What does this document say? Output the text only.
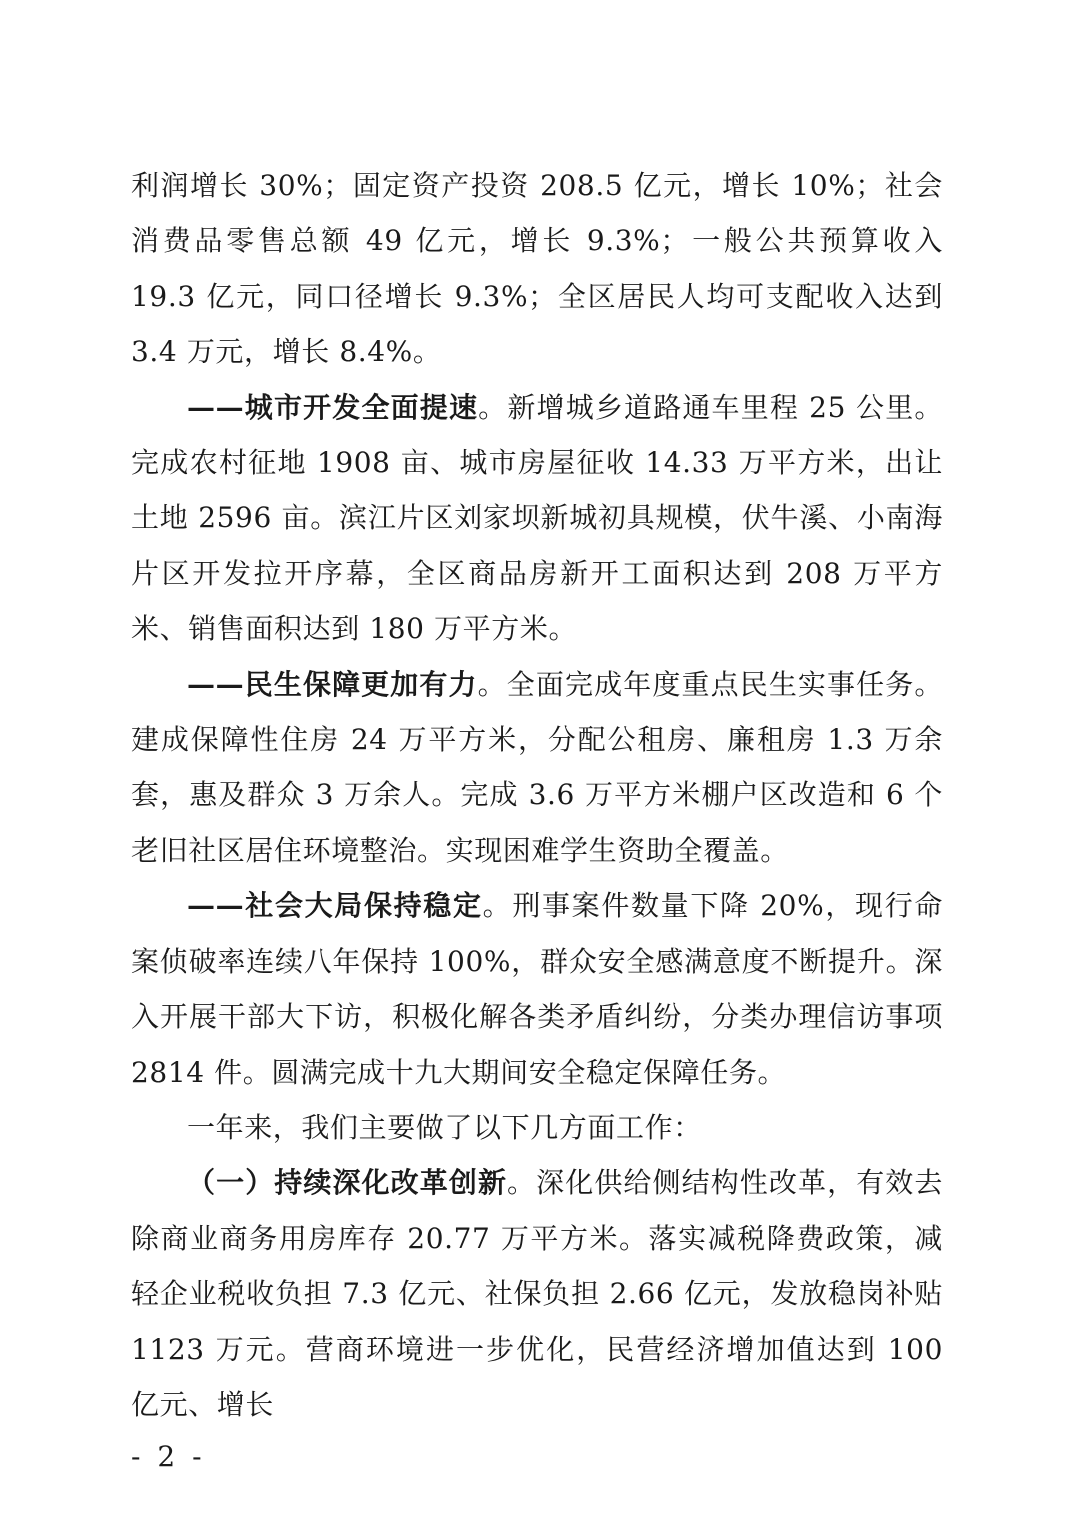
利润增长 30%；固定资产投资 208.5 亿元，增长 10%；社会消费品零售总额 49 亿元，增长 9.3%；一般公共预算收入 19.3 亿元，同口径增长 9.3%；全区居民人均可支配收入达到 3.4 万元，增长 8.4%。

——城市开发全面提速。新增城乡道路通车里程 25 公里。完成农村征地 1908 亩、城市房屋征收 14.33 万平方米，出让土地 2596 亩。滨江片区刘家坝新城初具规模，伏牛溪、小南海片区开发拉开序幕，全区商品房新开工面积达到 208 万平方米、销售面积达到 180 万平方米。

——民生保障更加有力。全面完成年度重点民生实事任务。建成保障性住房 24 万平方米，分配公租房、廉租房 1.3 万余套，惠及群众 3 万余人。完成 3.6 万平方米棚户区改造和 6 个老旧社区居住环境整治。实现困难学生资助全覆盖。

——社会大局保持稳定。刑事案件数量下降 20%，现行命案侦破率连续八年保持 100%，群众安全感满意度不断提升。深入开展干部大下访，积极化解各类矛盾纠纷，分类办理信访事项 2814 件。圆满完成十九大期间安全稳定保障任务。

一年来，我们主要做了以下几方面工作：

（一）持续深化改革创新。深化供给侧结构性改革，有效去除商业商务用房库存 20.77 万平方米。落实减税降费政策，减轻企业税收负担 7.3 亿元、社保负担 2.66 亿元，发放稳岗补贴 1123 万元。营商环境进一步优化，民营经济增加值达到 100 亿元、增长

- 2 -
